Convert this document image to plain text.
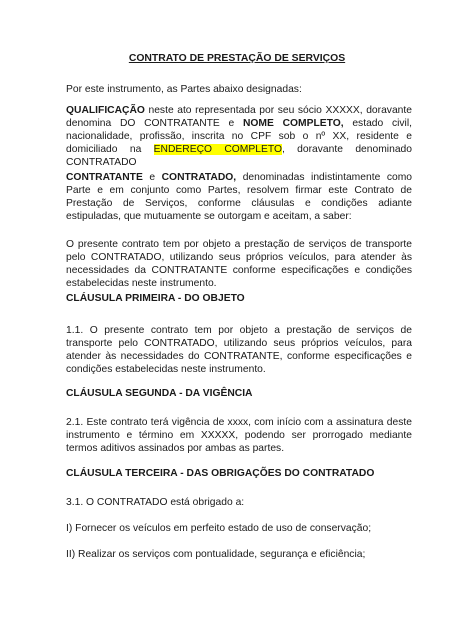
CONTRATO DE PRESTAÇÃO DE SERVIÇOS
Por este instrumento, as Partes abaixo designadas:
QUALIFICAÇÃO neste ato representada por seu sócio XXXXX, doravante denomina DO CONTRATANTE e NOME COMPLETO, estado civil, nacionalidade, profissão, inscrita no CPF sob o nº XX, residente e domiciliado na ENDEREÇO COMPLETO, doravante denominado CONTRATADO
CONTRATANTE e CONTRATADO, denominadas indistintamente como Parte e em conjunto como Partes, resolvem firmar este Contrato de Prestação de Serviços, conforme cláusulas e condições adiante estipuladas, que mutuamente se outorgam e aceitam, a saber:
O presente contrato tem por objeto a prestação de serviços de transporte pelo CONTRATADO, utilizando seus próprios veículos, para atender às necessidades da CONTRATANTE conforme especificações e condições estabelecidas neste instrumento.
CLÁUSULA PRIMEIRA - DO OBJETO
1.1. O presente contrato tem por objeto a prestação de serviços de transporte pelo CONTRATADO, utilizando seus próprios veículos, para atender às necessidades do CONTRATANTE, conforme especificações e condições estabelecidas neste instrumento.
CLÁUSULA SEGUNDA - DA VIGÊNCIA
2.1. Este contrato terá vigência de xxxx, com início com a assinatura deste instrumento e término em XXXXX, podendo ser prorrogado mediante termos aditivos assinados por ambas as partes.
CLÁUSULA TERCEIRA - DAS OBRIGAÇÕES DO CONTRATADO
3.1. O CONTRATADO está obrigado a:
I) Fornecer os veículos em perfeito estado de uso de conservação;
II) Realizar os serviços com pontualidade, segurança e eficiência;
